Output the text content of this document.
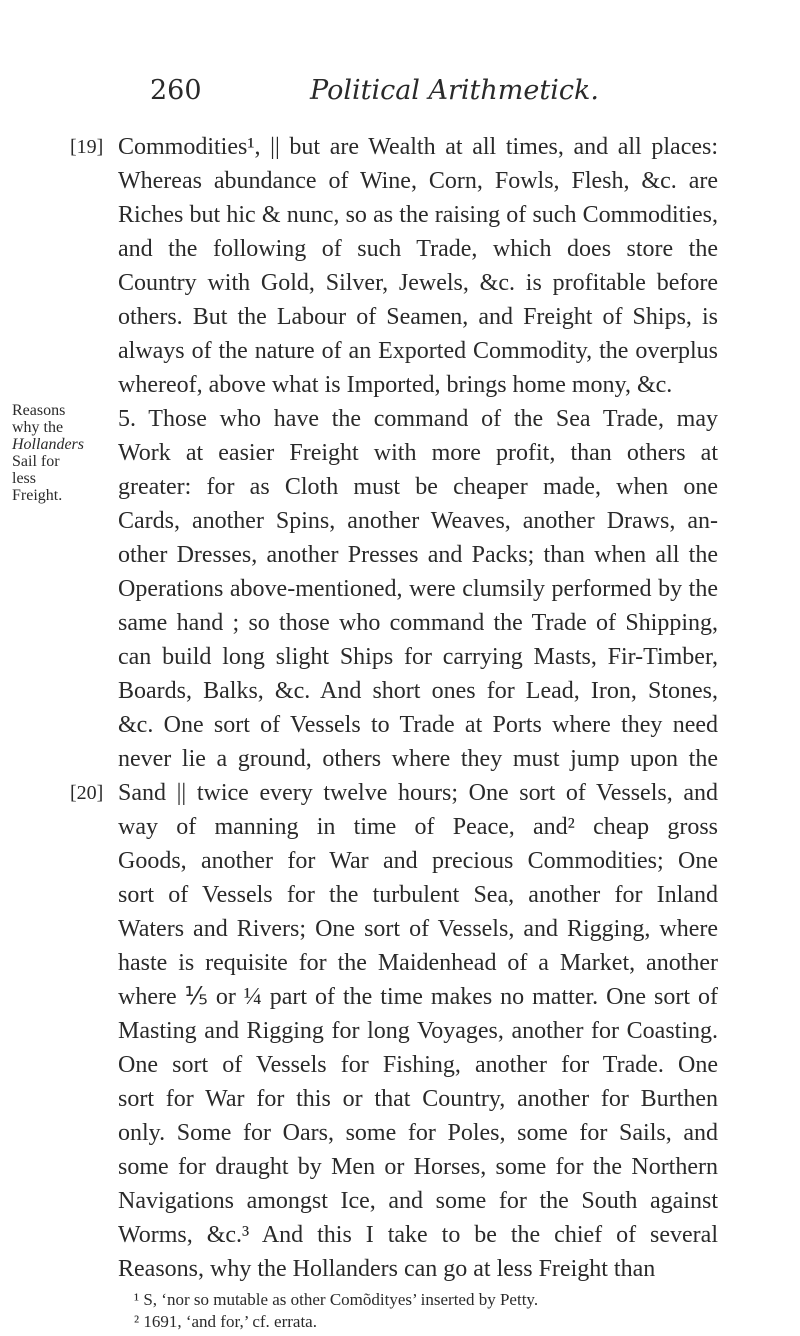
260	Political Arithmetick.
[19]
[20]
Reasons
why the
Hollanders
Sail for
less
Freight.
Commodities¹, || but are Wealth at all times, and all places:
Whereas abundance of Wine, Corn, Fowls, Flesh, &c. are
Riches but hic & nunc, so as the raising of such Commodities,
and the following of such Trade, which does store the
Country with Gold, Silver, Jewels, &c. is profitable before
others. But the Labour of Seamen, and Freight of Ships, is
always of the nature of an Exported Commodity, the overplus
whereof, above what is Imported, brings home mony, &c.
5. Those who have the command of the Sea Trade, may
Work at easier Freight with more profit, than others at
greater: for as Cloth must be cheaper made, when one
Cards, another Spins, another Weaves, another Draws, an-
other Dresses, another Presses and Packs; than when all the
Operations above-mentioned, were clumsily performed by the
same hand ; so those who command the Trade of Shipping,
can build long slight Ships for carrying Masts, Fir-Timber,
Boards, Balks, &c. And short ones for Lead, Iron, Stones,
&c. One sort of Vessels to Trade at Ports where they need
never lie a ground, others where they must jump upon the
Sand || twice every twelve hours; One sort of Vessels, and
way of manning in time of Peace, and² cheap gross
Goods, another for War and precious Commodities; One
sort of Vessels for the turbulent Sea, another for Inland
Waters and Rivers; One sort of Vessels, and Rigging, where
haste is requisite for the Maidenhead of a Market, another
where ⅕ or ¼ part of the time makes no matter. One sort of
Masting and Rigging for long Voyages, another for Coasting.
One sort of Vessels for Fishing, another for Trade. One
sort for War for this or that Country, another for Burthen
only. Some for Oars, some for Poles, some for Sails, and
some for draught by Men or Horses, some for the Northern
Navigations amongst Ice, and some for the South against
Worms, &c.³ And this I take to be the chief of several
Reasons, why the Hollanders can go at less Freight than
¹ S, ‘nor so mutable as other Comõdityes’ inserted by Petty.
² 1691, ‘and for,’ cf. errata.
